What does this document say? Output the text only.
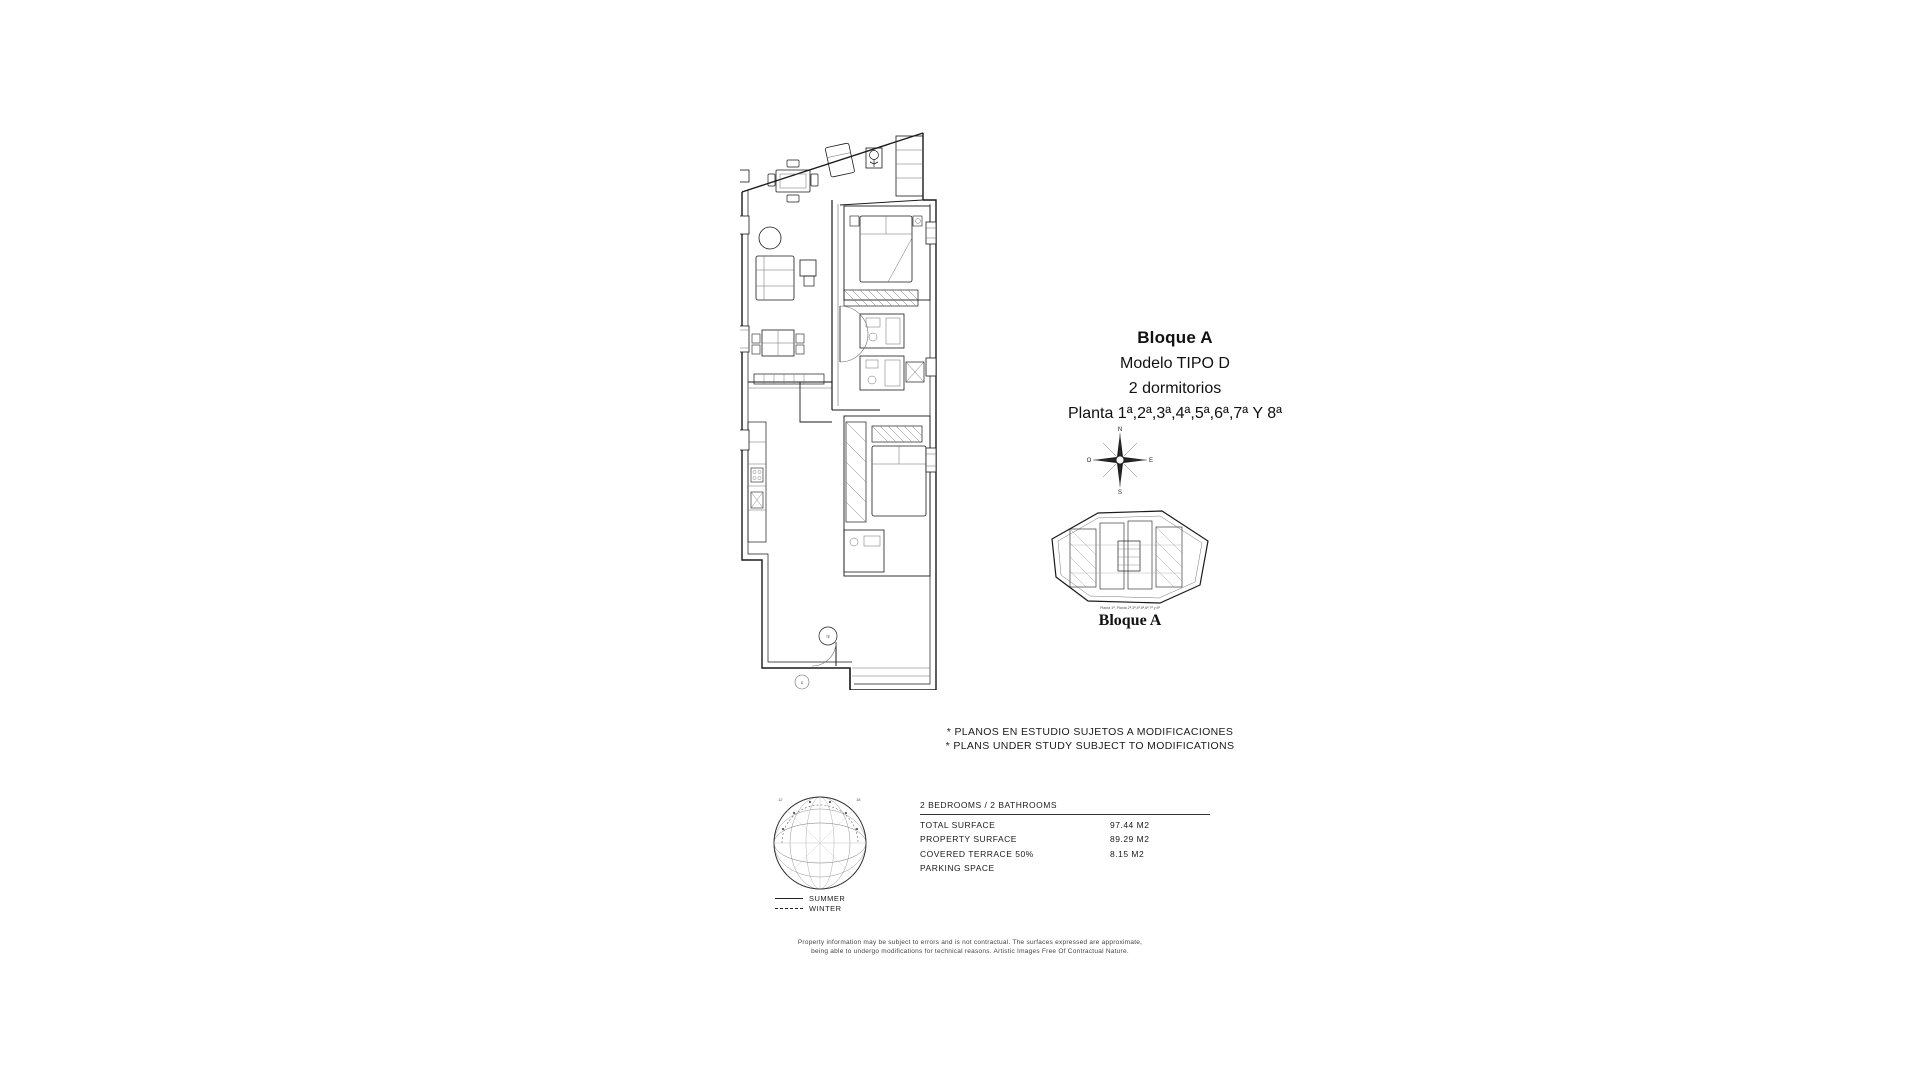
TE
D
Bloque A
Modelo TIPO D
2 dormitorios
Planta 1ª,2ª,3ª,4ª,5ª,6ª,7ª Y 8ª
N
S
E
O
Planta 1ª, Planta 2ª,3ª,4ª,5ª,6ª,7ª y 8ª
Bloque A
* PLANOS EN ESTUDIO SUJETOS A MODIFICACIONES
* PLANS UNDER STUDY SUBJECT TO MODIFICATIONS
12	18
SUMMER
WINTER
2 BEDROOMS / 2 BATHROOMS
TOTAL SURFACE	97.44 M2
PROPERTY SURFACE	89.29 M2
COVERED TERRACE 50%	8.15 M2
PARKING SPACE
Property information may be subject to errors and is not contractual. The surfaces expressed are approximate,
being able to undergo modifications for technical reasons. Artistic Images Free Of Contractual Nature.
